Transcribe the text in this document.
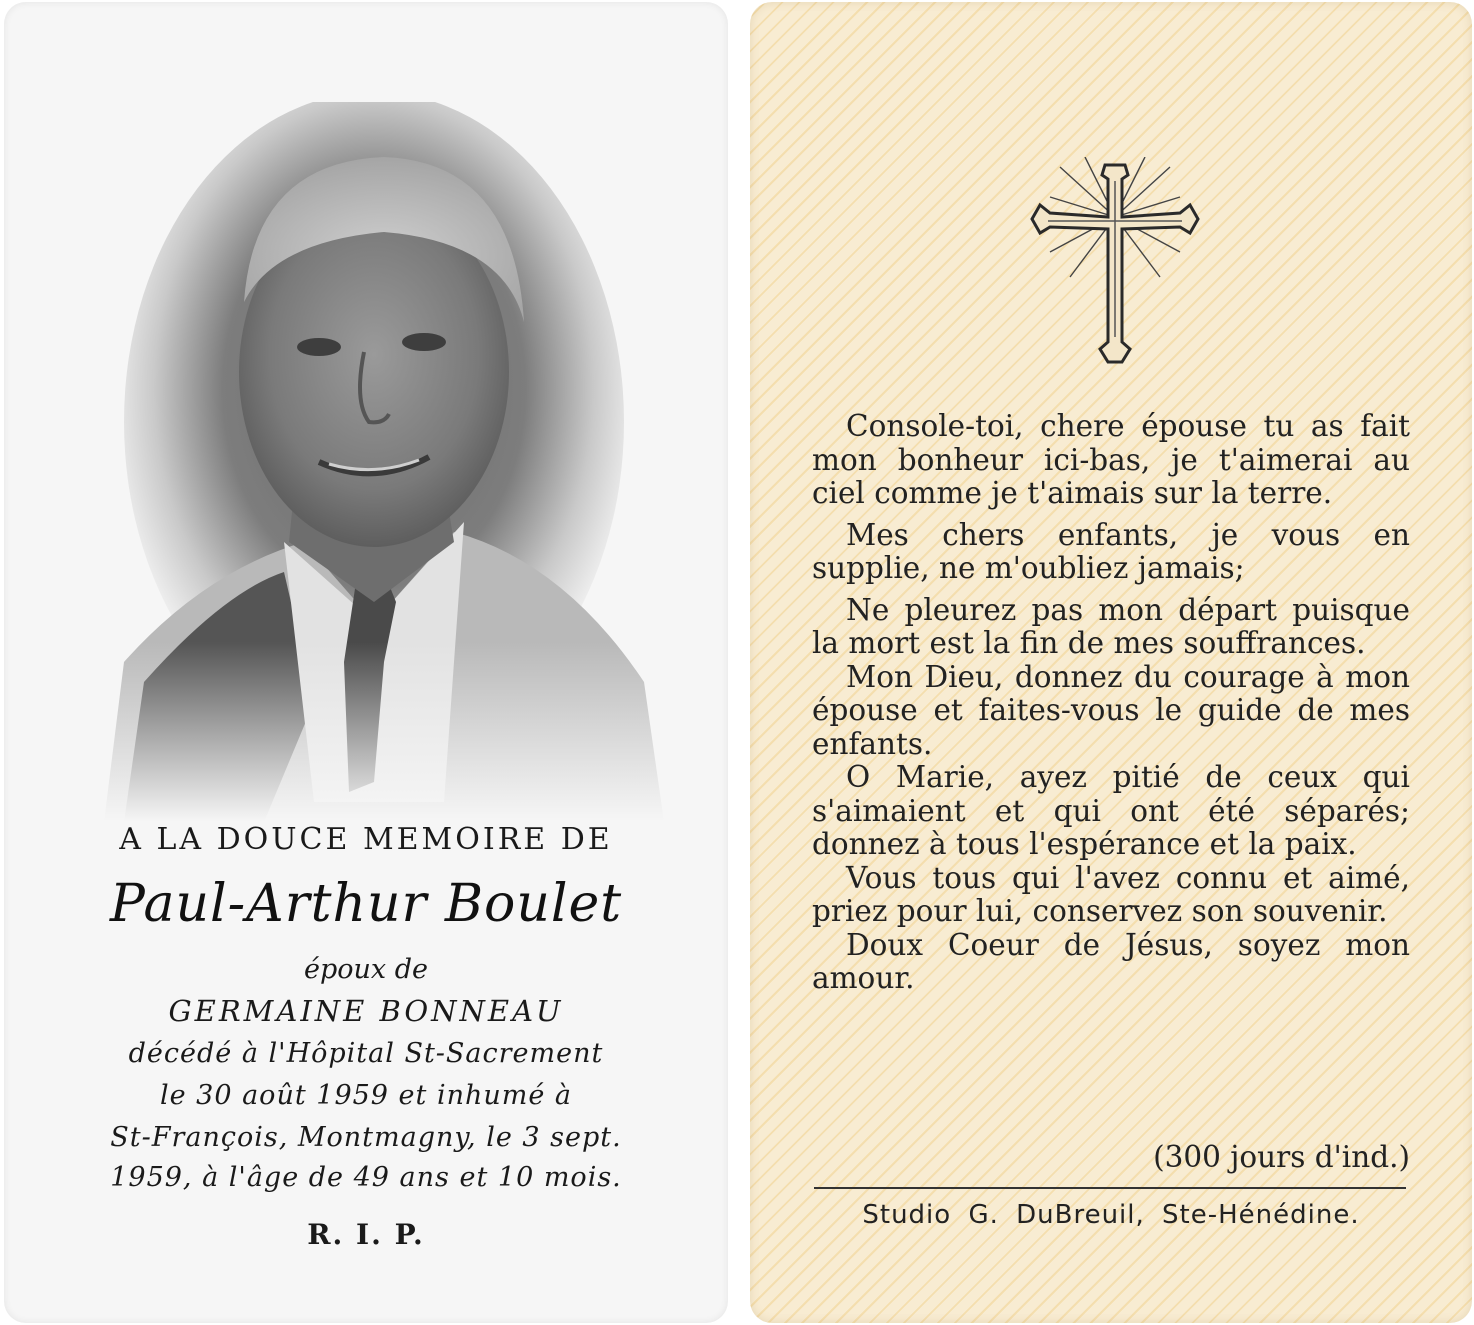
A LA DOUCE MEMOIRE DE
Paul-Arthur Boulet
époux de
GERMAINE BONNEAU
décédé à l'Hôpital St-Sacrement
le 30 août 1959 et inhumé à
St-François, Montmagny, le 3 sept.
1959, à l'âge de 49 ans et 10 mois.
R. I. P.

Console-toi, chere épouse tu as fait mon bonheur ici-bas, je t'aimerai au ciel comme je t'aimais sur la terre.

Mes chers enfants, je vous en supplie, ne m'oubliez jamais;

Ne pleurez pas mon départ puisque la mort est la fin de mes souffrances.

Mon Dieu, donnez du courage à mon épouse et faites-vous le guide de mes enfants.

O Marie, ayez pitié de ceux qui s'aimaient et qui ont été séparés; donnez à tous l'espérance et la paix.

Vous tous qui l'avez connu et aimé, priez pour lui, conservez son souvenir.

Doux Coeur de Jésus, soyez mon amour.

(300 jours d'ind.)
Studio G. DuBreuil, Ste-Hénédine.
